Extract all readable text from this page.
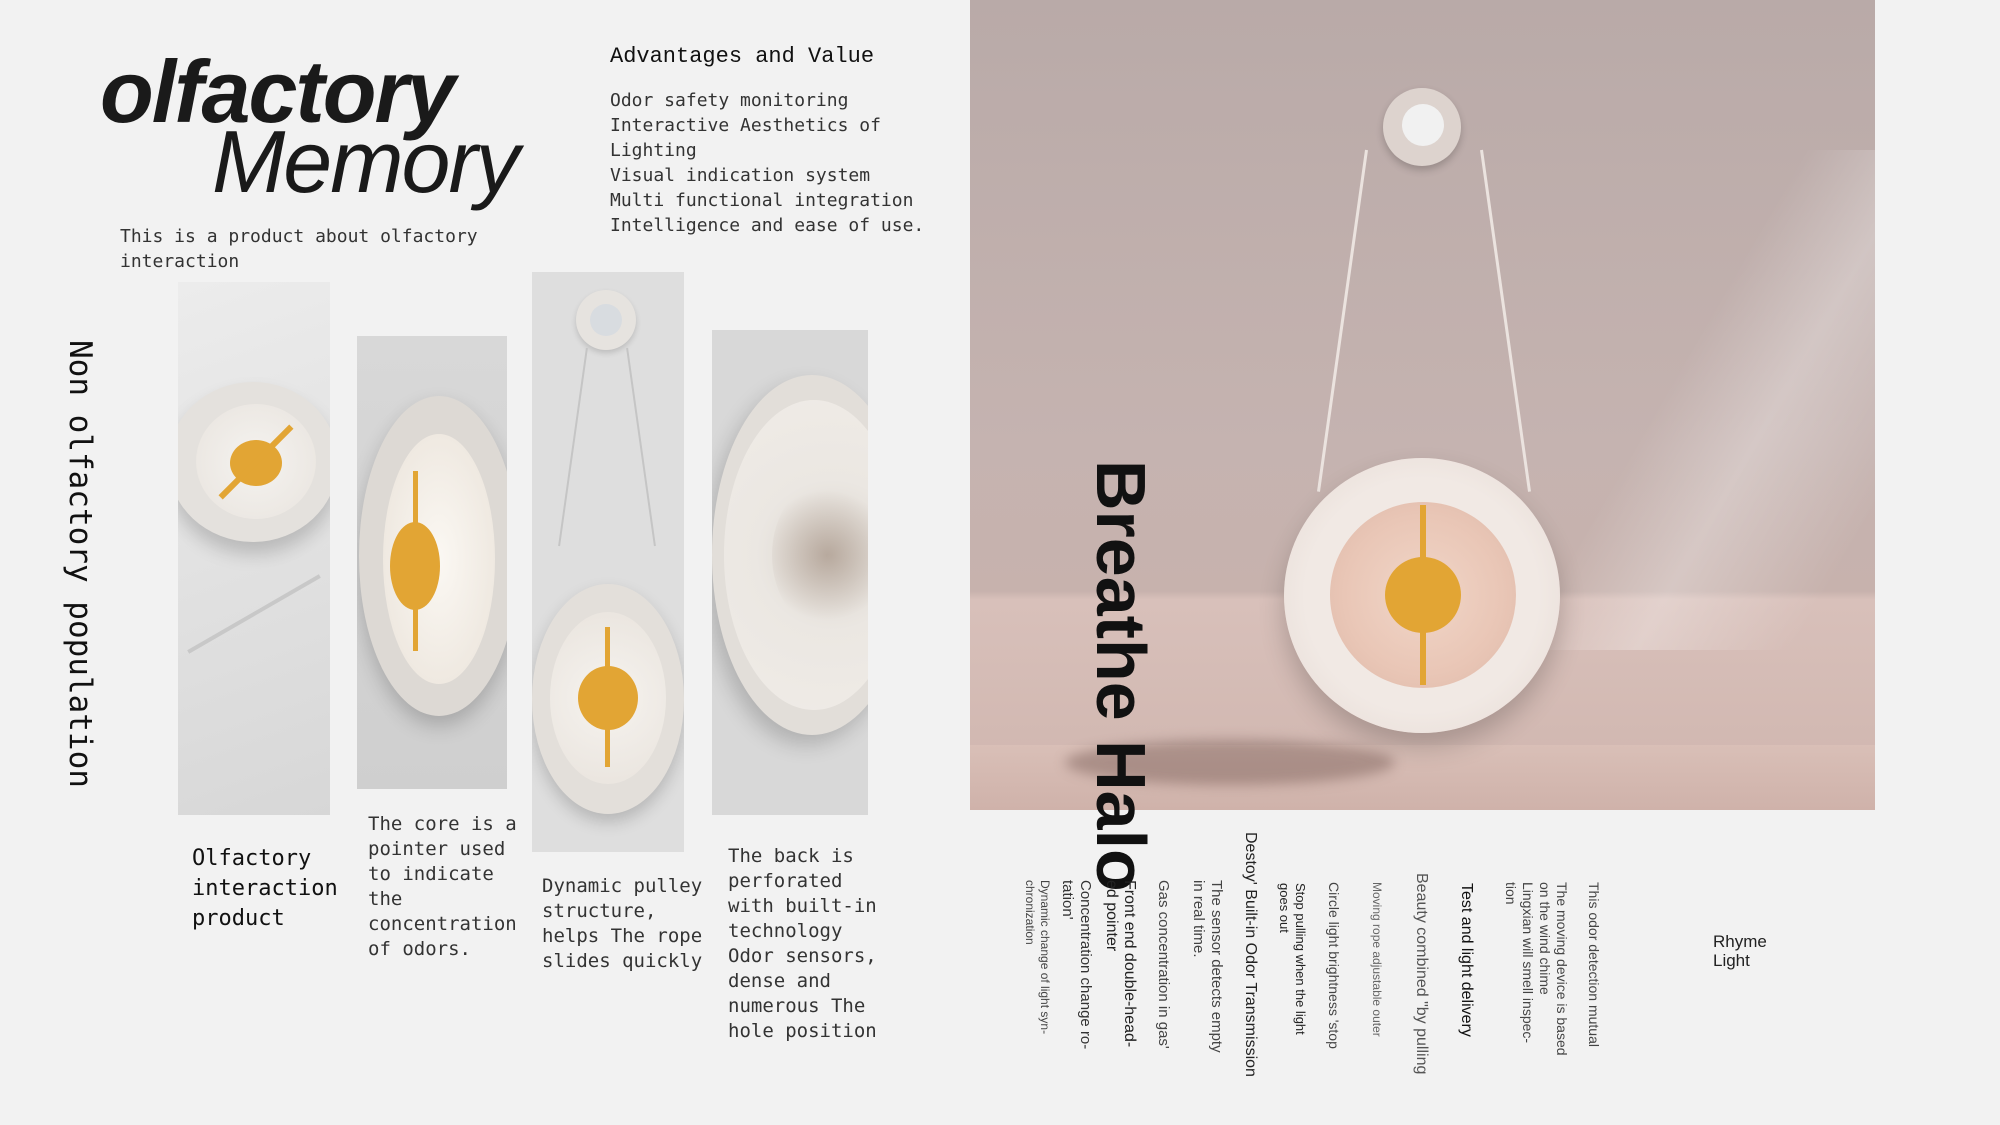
olfactory
Memory
This is a product about olfactory interaction
Advantages and Value
Odor safety monitoring
Interactive Aesthetics of Lighting
Visual indication system
Multi functional integration
Intelligence and ease of use.
Non olfactory population
Olfactory interaction product
The core is a pointer used to indicate the concentration of odors.
Dynamic pulley structure, helps The rope slides quickly
The back is perforated with built-in technology Odor sensors, dense and numerous The hole position
Breathe Halo
Dynamic change of light syn-chronization	Concentration change ro-tation'	Front end double-head-ed pointer	Gas concentration in gas'	The sensor detects empty in real time.	Destoy' Built-in Odor Transmission	Stop pulling when the light goes out	Circle light brightness 'stop	Moving rope adjustable outer	Beauty combined "by pulling	Test and light delivery	Lingxian will smell inspec-tion	The moving device is based on the wind chime	This odor detection mutual	Rhyme
Light
